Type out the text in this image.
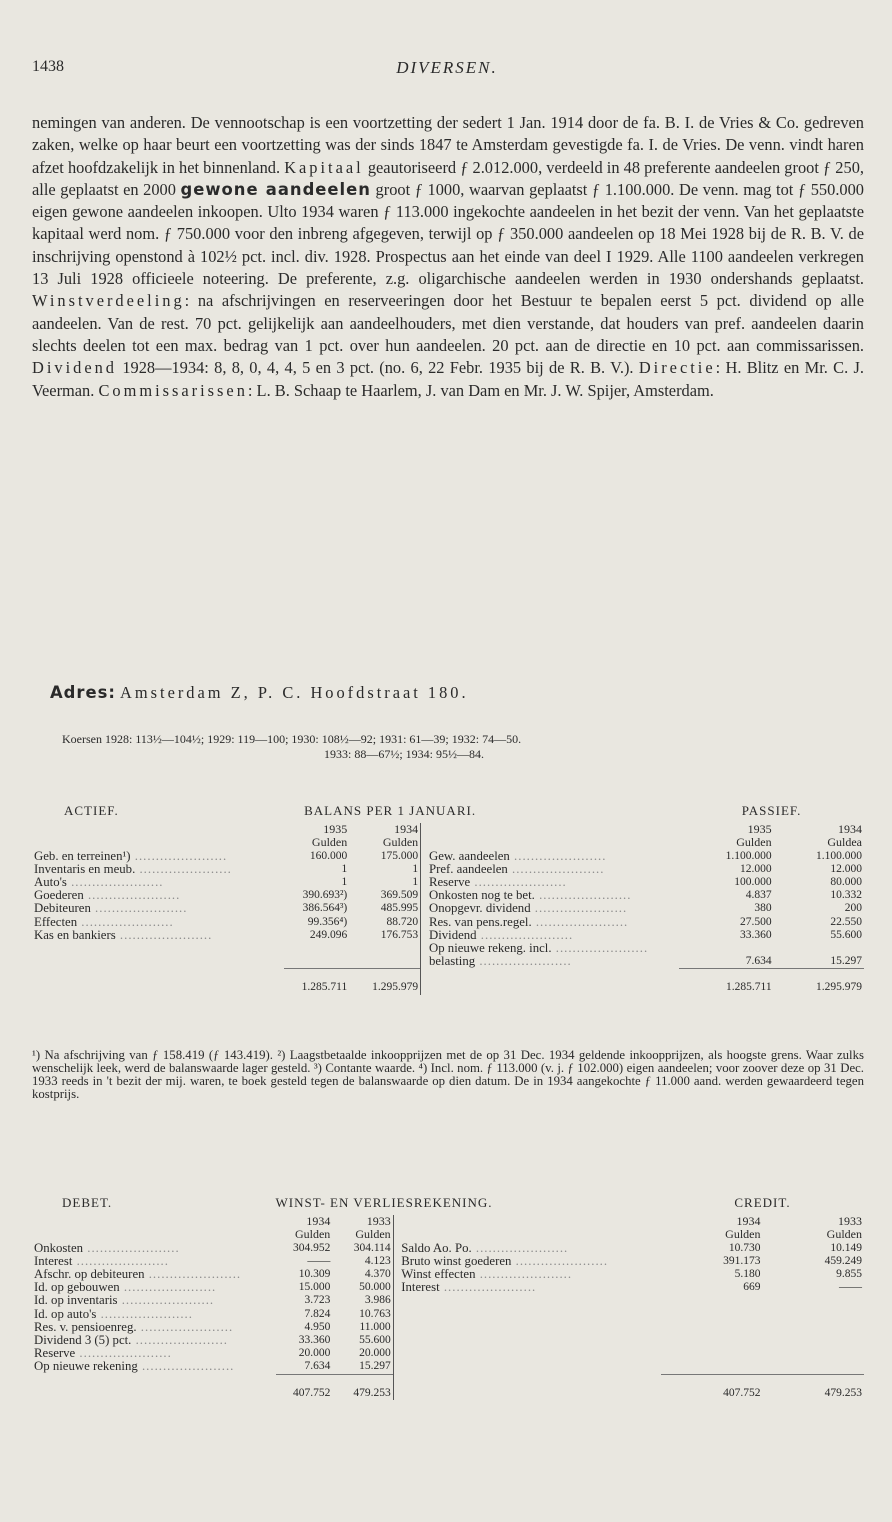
1438	DIVERSEN.

nemingen van anderen. De vennootschap is een voortzetting der sedert 1 Jan. 1914 door de fa. B. I. de Vries & Co. gedreven zaken, welke op haar beurt een voortzetting was der sinds 1847 te Amsterdam gevestigde fa. I. de Vries. De venn. vindt haren afzet hoofdzakelijk in het binnenland. Kapitaal geautoriseerd ƒ 2.012.000, verdeeld in 48 preferente aandeelen groot ƒ 250, alle geplaatst en 2000 gewone aandeelen groot ƒ 1000, waarvan geplaatst ƒ 1.100.000. De venn. mag tot ƒ 550.000 eigen gewone aandeelen inkoopen. Ulto 1934 waren ƒ 113.000 ingekochte aandeelen in het bezit der venn. Van het geplaatste kapitaal werd nom. ƒ 750.000 voor den inbreng afgegeven, terwijl op ƒ 350.000 aandeelen op 18 Mei 1928 bij de R. B. V. de inschrijving openstond à 102½ pct. incl. div. 1928. Prospectus aan het einde van deel I 1929. Alle 1100 aandeelen verkregen 13 Juli 1928 officieele noteering. De preferente, z.g. oligarchische aandeelen werden in 1930 ondershands geplaatst. Winstverdeeling: na afschrijvingen en reserveeringen door het Bestuur te bepalen eerst 5 pct. dividend op alle aandeelen. Van de rest. 70 pct. gelijkelijk aan aandeelhouders, met dien verstande, dat houders van pref. aandeelen daarin slechts deelen tot een max. bedrag van 1 pct. over hun aandeelen. 20 pct. aan de directie en 10 pct. aan commissarissen. Dividend 1928—1934: 8, 8, 0, 4, 4, 5 en 3 pct. (no. 6, 22 Febr. 1935 bij de R. B. V.). Directie: H. Blitz en Mr. C. J. Veerman. Commissarissen: L. B. Schaap te Haarlem, J. van Dam en Mr. J. W. Spijer, Amsterdam.

Adres: Amsterdam Z, P. C. Hoofdstraat 180.
Koersen 1928: 113½—104½; 1929: 119—100; 1930: 108½—92; 1931: 61—39; 1932: 74—50.
1933: 88—67½; 1934: 95½—84.
ACTIEF.	BALANS PER 1 JANUARI.				PASSIEF.	
	1935	1934			1935	1934
	Gulden	Gulden			Gulden	Guldea
Geb. en terreinen¹) ......................	160.000	175.000		Gew. aandeelen ......................	1.100.000	1.100.000
Inventaris en meub. ......................	1	1		Pref. aandeelen ......................	12.000	12.000
Auto's ......................	1	1		Reserve ......................	100.000	80.000
Goederen ......................	390.693²)	369.509		Onkosten nog te bet. ......................	4.837	10.332
Debiteuren ......................	386.564³)	485.995		Onopgevr. dividend ......................	380	200
Effecten ......................	99.356⁴)	88.720		Res. van pens.regel. ......................	27.500	22.550
Kas en bankiers ......................	249.096	176.753		Dividend ......................	33.360	55.600
				Op nieuwe rekeng. incl. ......................		
				belasting ......................	7.634	15.297
	1.285.711	1.295.979			1.285.711	1.295.979

¹) Na afschrijving van ƒ 158.419 (ƒ 143.419). ²) Laagstbetaalde inkoopprijzen met de op 31 Dec. 1934 geldende inkoopprijzen, als hoogste grens. Waar zulks wenschelijk leek, werd de balanswaarde lager gesteld. ³) Contante waarde. ⁴) Incl. nom. ƒ 113.000 (v. j. ƒ 102.000) eigen aandeelen; voor zoover deze op 31 Dec. 1933 reeds in 't bezit der mij. waren, te boek gesteld tegen de balanswaarde op dien datum. De in 1934 aangekochte ƒ 11.000 aand. werden gewaardeerd tegen kostprijs.

DEBET.	WINST- EN VERLIESREKENING.				CREDIT.	
	1934	1933			1934	1933
	Gulden	Gulden			Gulden	Gulden
Onkosten ......................	304.952	304.114		Saldo Ao. Po. ......................	10.730	10.149
Interest ......................	——	4.123		Bruto winst goederen ......................	391.173	459.249
Afschr. op debiteuren ......................	10.309	4.370		Winst effecten ......................	5.180	9.855
Id. op gebouwen ......................	15.000	50.000		Interest ......................	669	——
Id. op inventaris ......................	3.723	3.986				
Id. op auto's ......................	7.824	10.763				
Res. v. pensioenreg. ......................	4.950	11.000				
Dividend 3 (5) pct. ......................	33.360	55.600				
Reserve ......................	20.000	20.000				
Op nieuwe rekening ......................	7.634	15.297				
	407.752	479.253			407.752	479.253
